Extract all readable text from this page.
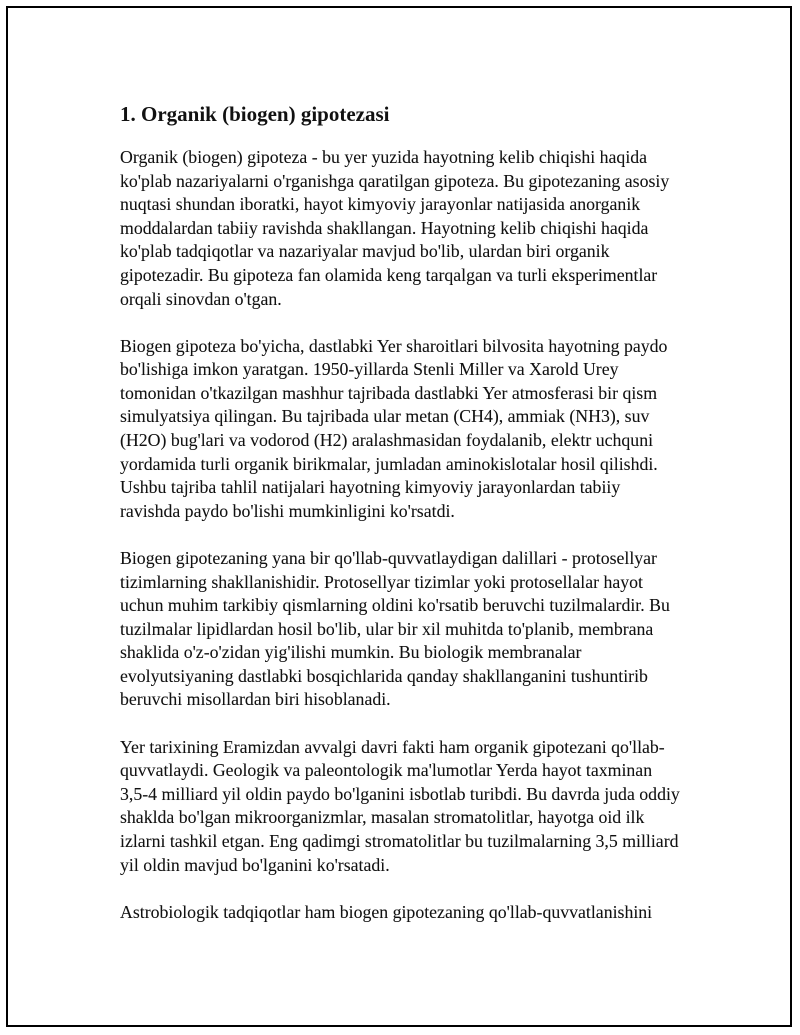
1. Organik (biogen) gipotezasi

Organik (biogen) gipoteza - bu yer yuzida hayotning kelib chiqishi haqida ko'plab nazariyalarni o'rganishga qaratilgan gipoteza. Bu gipotezaning asosiy nuqtasi shundan iboratki, hayot kimyoviy jarayonlar natijasida anorganik moddalardan tabiiy ravishda shakllangan. Hayotning kelib chiqishi haqida ko'plab tadqiqotlar va nazariyalar mavjud bo'lib, ulardan biri organik gipotezadir. Bu gipoteza fan olamida keng tarqalgan va turli eksperimentlar orqali sinovdan o'tgan.

Biogen gipoteza bo'yicha, dastlabki Yer sharoitlari bilvosita hayotning paydo bo'lishiga imkon yaratgan. 1950-yillarda Stenli Miller va Xarold Urey tomonidan o'tkazilgan mashhur tajribada dastlabki Yer atmosferasi bir qism simulyatsiya qilingan. Bu tajribada ular metan (CH4), ammiak (NH3), suv (H2O) bug'lari va vodorod (H2) aralashmasidan foydalanib, elektr uchquni yordamida turli organik birikmalar, jumladan aminokislotalar hosil qilishdi. Ushbu tajriba tahlil natijalari hayotning kimyoviy jarayonlardan tabiiy ravishda paydo bo'lishi mumkinligini ko'rsatdi.

Biogen gipotezaning yana bir qo'llab-quvvatlaydigan dalillari - protosellyar tizimlarning shakllanishidir. Protosellyar tizimlar yoki protosellalar hayot uchun muhim tarkibiy qismlarning oldini ko'rsatib beruvchi tuzilmalardir. Bu tuzilmalar lipidlardan hosil bo'lib, ular bir xil muhitda to'planib, membrana shaklida o'z-o'zidan yig'ilishi mumkin. Bu biologik membranalar evolyutsiyaning dastlabki bosqichlarida qanday shakllanganini tushuntirib beruvchi misollardan biri hisoblanadi.

Yer tarixining Eramizdan avvalgi davri fakti ham organik gipotezani qo'llab-quvvatlaydi. Geologik va paleontologik ma'lumotlar Yerda hayot taxminan 3,5-4 milliard yil oldin paydo bo'lganini isbotlab turibdi. Bu davrda juda oddiy shaklda bo'lgan mikroorganizmlar, masalan stromatolitlar, hayotga oid ilk izlarni tashkil etgan. Eng qadimgi stromatolitlar bu tuzilmalarning 3,5 milliard yil oldin mavjud bo'lganini ko'rsatadi.

Astrobiologik tadqiqotlar ham biogen gipotezaning qo'llab-quvvatlanishini
